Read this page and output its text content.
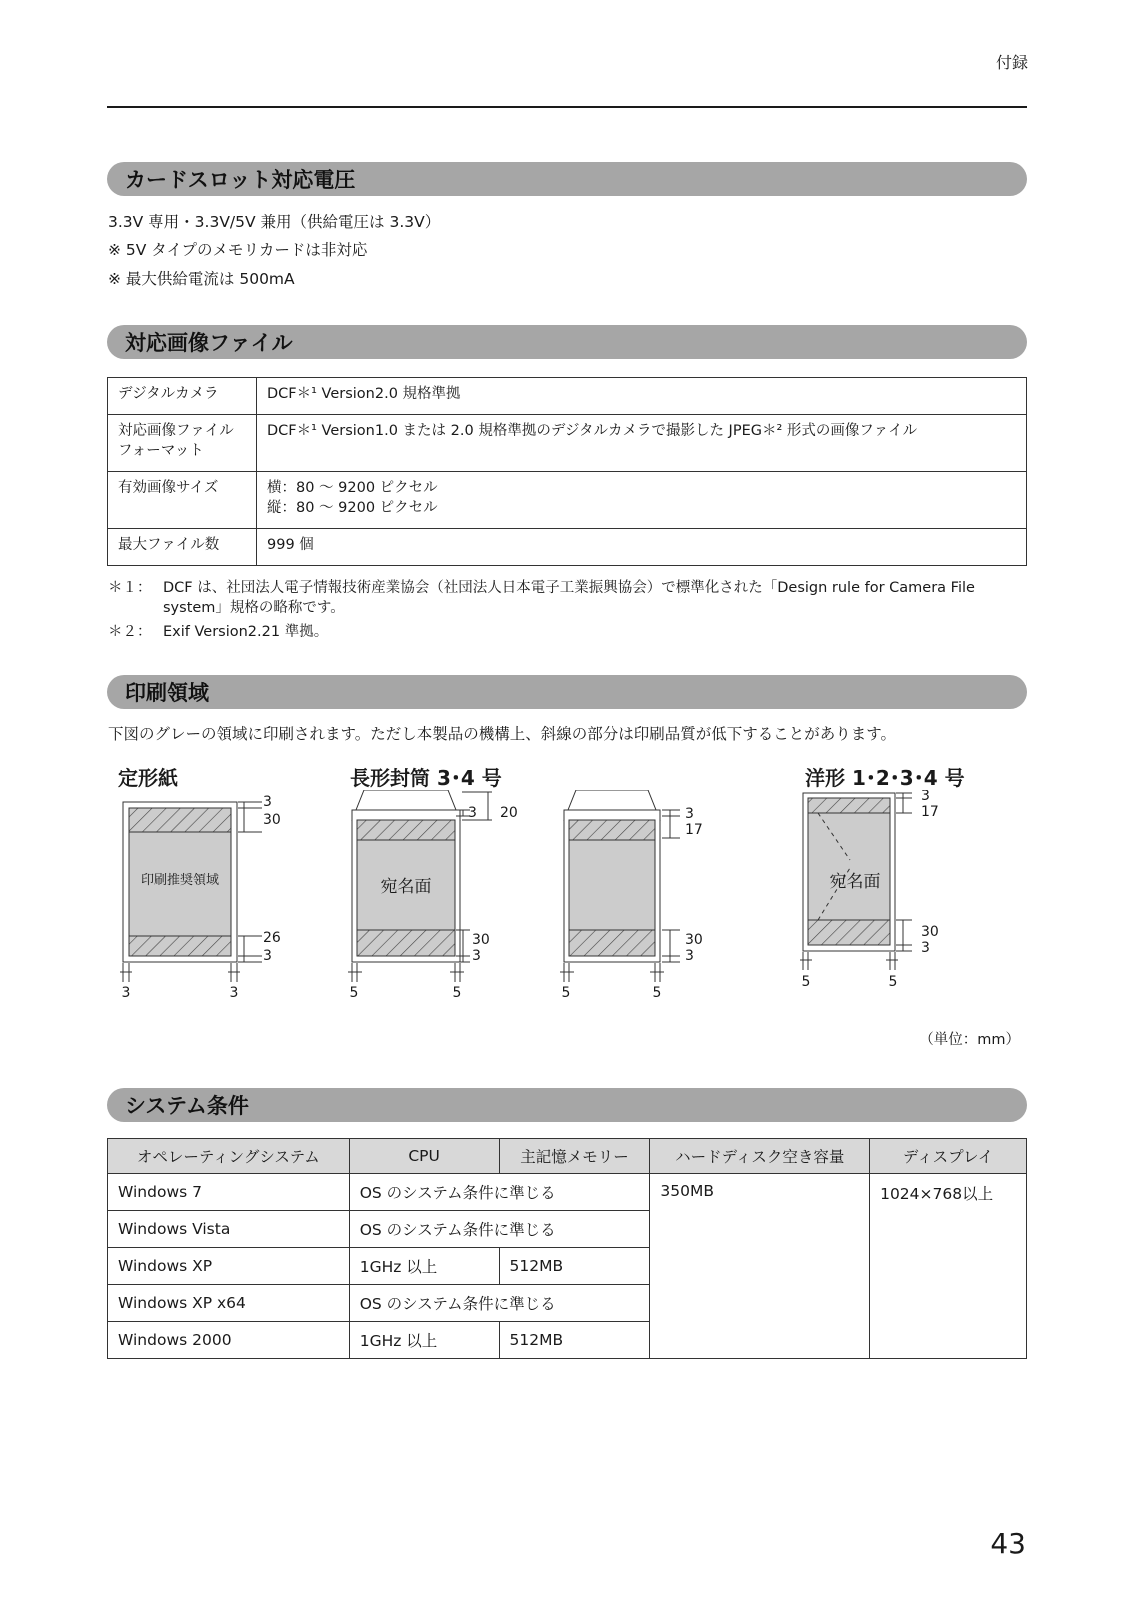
付録
カードスロット対応電圧
3.3V 専用・3.3V/5V 兼用（供給電圧は 3.3V）
※ 5V タイプのメモリカードは非対応
※ 最大供給電流は 500mA
対応画像ファイル
デジタルカメラ	DCF＊¹ Version2.0 規格準拠
対応画像ファイルフォーマット	DCF＊¹ Version1.0 または 2.0 規格準拠のデジタルカメラで撮影した JPEG＊² 形式の画像ファイル
有効画像サイズ	横：80 ～ 9200 ピクセル
縦：80 ～ 9200 ピクセル

最大ファイル数	999 個
＊１： DCF は、社団法人電子情報技術産業協会（社団法人日本電子工業振興協会）で標準化された「Design rule for Camera File system」規格の略称です。
＊２： Exif Version2.21 準拠。
印刷領域
下図のグレーの領域に印刷されます。ただし本製品の機構上、斜線の部分は印刷品質が低下することがあります。
定形紙	長形封筒 3･4 号	洋形 1･2･3･4 号
印刷推奨領域
3
30
26
3
3	3
宛名面
3 20
30
3
5	5
3
17
30
3
5	5
宛名面
3
17
30
3
5	5
（単位：mm）
システム条件
オペレーティングシステム	CPU	主記憶メモリー	ハードディスク空き容量	ディスプレイ
Windows 7	OS のシステム条件に準じる		350MB	1024×768以上
Windows Vista	OS のシステム条件に準じる			
Windows XP	1GHz 以上	512MB		
Windows XP x64	OS のシステム条件に準じる			
Windows 2000	1GHz 以上	512MB		
43
